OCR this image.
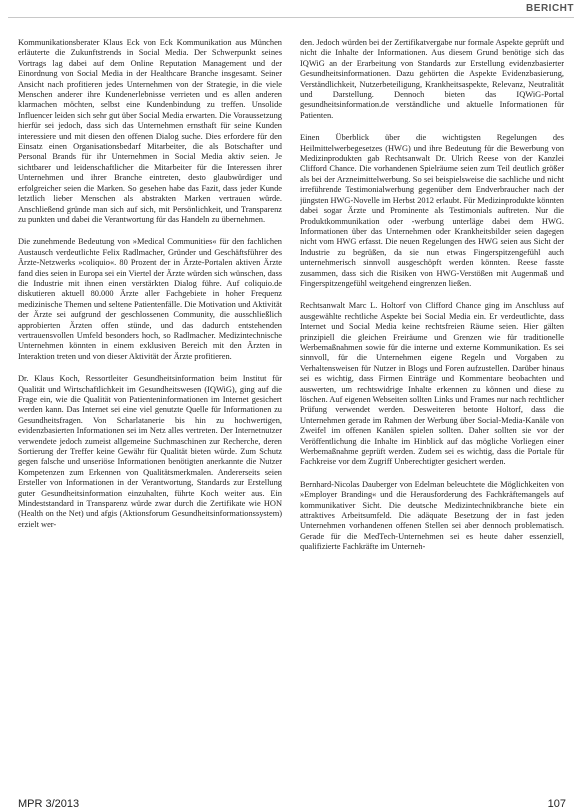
BERICHT

Kommunikationsberater Klaus Eck von Eck Kommunikation aus München erläuterte die Zukunftstrends in Social Media. Der Schwerpunkt seines Vortrags lag dabei auf dem Online Reputation Management und der Einordnung von Social Media in der Healthcare Branche insgesamt. Seiner Ansicht nach profitieren jedes Unternehmen von der Strategie, in die viele Menschen anderer ihre Kundenerlebnisse verrieten und es allen anderen klarmachen möchten, selbst eine Kundenbindung zu treffen. Unsolide Influencer leiden sich sehr gut über Social Media erwarten. Die Voraussetzung hierfür sei jedoch, dass sich das Unternehmen ernsthaft für seine Kunden interessiere und mit diesen den offenen Dialog suche. Dies erfordere für den Einsatz einen Organisationsbedarf Mitarbeiter, die als Botschafter und Personal Brands für ihr Unternehmen in Social Media aktiv seien. Je sichtbarer und leidenschaftlicher die Mitarbeiter für die Interessen ihrer Unternehmen und ihrer Branche eintreten, desto glaubwürdiger und erfolgreicher seien die Marken. So gesehen habe das Fazit, dass jeder Kunde letztlich lieber Menschen als abstrakten Marken vertrauen würde. Anschließend gründe man sich auf sich, mit Persönlichkeit, und Transparenz zu punkten und dabei die Verantwortung für das Handeln zu übernehmen.

Die zunehmende Bedeutung von »Medical Communities« für den fachlichen Austausch verdeutlichte Felix Radlmacher, Gründer und Geschäftsführer des Ärzte-Netzwerks »coliquio«. 80 Prozent der in Ärzte-Portalen aktiven Ärzte fand dies seien in Europa sei ein Viertel der Ärzte würden sich wünschen, dass die Industrie mit ihnen einen verstärkten Dialog führe. Auf coliquio.de diskutieren aktuell 80.000 Ärzte aller Fachgebiete in hoher Frequenz medizinische Themen und seltene Patientenfälle. Die Motivation und Aktivität der Ärzte sei aufgrund der geschlossenen Community, die ausschließlich approbierten Ärzten offen stünde, und das dadurch entstehenden vertrauensvollen Umfeld besonders hoch, so Radlmacher. Medizintechnische Unternehmen könnten in einem exklusiven Bereich mit den Ärzten in Interaktion treten und von dieser Aktivität der Ärzte profitieren.

Dr. Klaus Koch, Ressortleiter Gesundheitsinformation beim Institut für Qualität und Wirtschaftlichkeit im Gesundheitswesen (IQWiG), ging auf die Frage ein, wie die Qualität von Patienteninformationen im Internet gesichert werden kann. Das Internet sei eine viel genutzte Quelle für Informationen zu Gesundheitsfragen. Von Scharlatanerie bis hin zu hochwertigen, evidenzbasierten Informationen sei im Netz alles vertreten. Der Internetnutzer verwendete jedoch zumeist allgemeine Suchmaschinen zur Recherche, deren Sortierung der Treffer keine Gewähr für Qualität bieten würde. Zum Schutz gegen falsche und unseriöse Informationen benötigten anerkannte die Nutzer Kompetenzen zum Erkennen von Qualitätsmerkmalen. Andererseits seien Ersteller von Informationen in der Verantwortung, Standards zur Erstellung guter Gesundheitsinformation einzuhalten, führte Koch weiter aus. Ein Mindeststandard in Transparenz würde zwar durch die Zertifikate wie HON (Health on the Net) und afgis (Aktionsforum Gesundheitsinformationssystem) erzielt wer-

den. Jedoch würden bei der Zertifikatvergabe nur formale Aspekte geprüft und nicht die Inhalte der Informationen. Aus diesem Grund benötige sich das IQWiG an der Erarbeitung von Standards zur Erstellung evidenzbasierter Gesundheitsinformationen. Dazu gehörten die Aspekte Evidenzbasierung, Verständlichkeit, Nutzerbeteiligung, Krankheitsaspekte, Relevanz, Neutralität und Darstellung. Dennoch bieten das IQWiG-Portal gesundheitsinformation.de verständliche und aktuelle Informationen für Patienten.

Einen Überblick über die wichtigsten Regelungen des Heilmittelwerbegesetzes (HWG) und ihre Bedeutung für die Bewerbung von Medizinprodukten gab Rechtsanwalt Dr. Ulrich Reese von der Kanzlei Clifford Chance. Die vorhandenen Spielräume seien zum Teil deutlich größer als bei der Arzneimittelwerbung. So sei beispielsweise die sachliche und nicht irreführende Testimonialwerbung gegenüber dem Endverbraucher nach der jüngsten HWG-Novelle im Herbst 2012 erlaubt. Für Medizinprodukte könnten dabei sogar Ärzte und Prominente als Testimonials auftreten. Nur die Produktkommunikation oder -werbung unterläge dabei dem HWG. Informationen über das Unternehmen oder Krankheitsbilder seien dagegen nicht vom HWG erfasst. Die neuen Regelungen des HWG seien aus Sicht der Industrie zu begrüßen, da sie nun etwas Fingerspitzengefühl auch unternehmerisch sinnvoll ausgeschöpft werden könnten. Reese fasste zusammen, dass sich die Risiken von HWG-Verstößen mit Augenmaß und Fingerspitzengefühl weitgehend eingrenzen ließen.

Rechtsanwalt Marc L. Holtorf von Clifford Chance ging im Anschluss auf ausgewählte rechtliche Aspekte bei Social Media ein. Er verdeutlichte, dass Internet und Social Media keine rechtsfreien Räume seien. Hier gälten prinzipiell die gleichen Freiräume und Grenzen wie für traditionelle Werbemaßnahmen sowie für die interne und externe Kommunikation. Es sei sinnvoll, für die Unternehmen eigene Regeln und Vorgaben zu Verhaltensweisen für Nutzer in Blogs und Foren aufzustellen. Darüber hinaus sei es wichtig, dass Firmen Einträge und Kommentare beobachten und auswerten, um rechtswidrige Inhalte erkennen zu können und diese zu löschen. Auf eigenen Webseiten sollten Links und Frames nur nach rechtlicher Prüfung verwendet werden. Desweiteren betonte Holtorf, dass die Unternehmen gerade im Rahmen der Werbung über Social-Media-Kanäle von Zweifel im offenen Kanälen spielen sollten. Daher sollten sie vor der Veröffentlichung die Inhalte im Hinblick auf das mögliche Vorliegen einer Werbemaßnahme geprüft werden. Zudem sei es wichtig, dass die Portale für Fachkreise vor dem Zugriff Unberechtigter gesichert werden.

Bernhard-Nicolas Dauberger von Edelman beleuchtete die Möglichkeiten von »Employer Branding« und die Herausforderung des Fachkräftemangels auf kommunikativer Sicht. Die deutsche Medizintechnikbranche biete ein attraktives Arbeitsumfeld. Die adäquate Besetzung der in fast jeden Unternehmen vorhandenen offenen Stellen sei aber dennoch problematisch. Gerade für die MedTech-Unternehmen sei es heute daher essenziell, qualifizierte Fachkräfte im Unterneh-

MPR 3/2013	107
